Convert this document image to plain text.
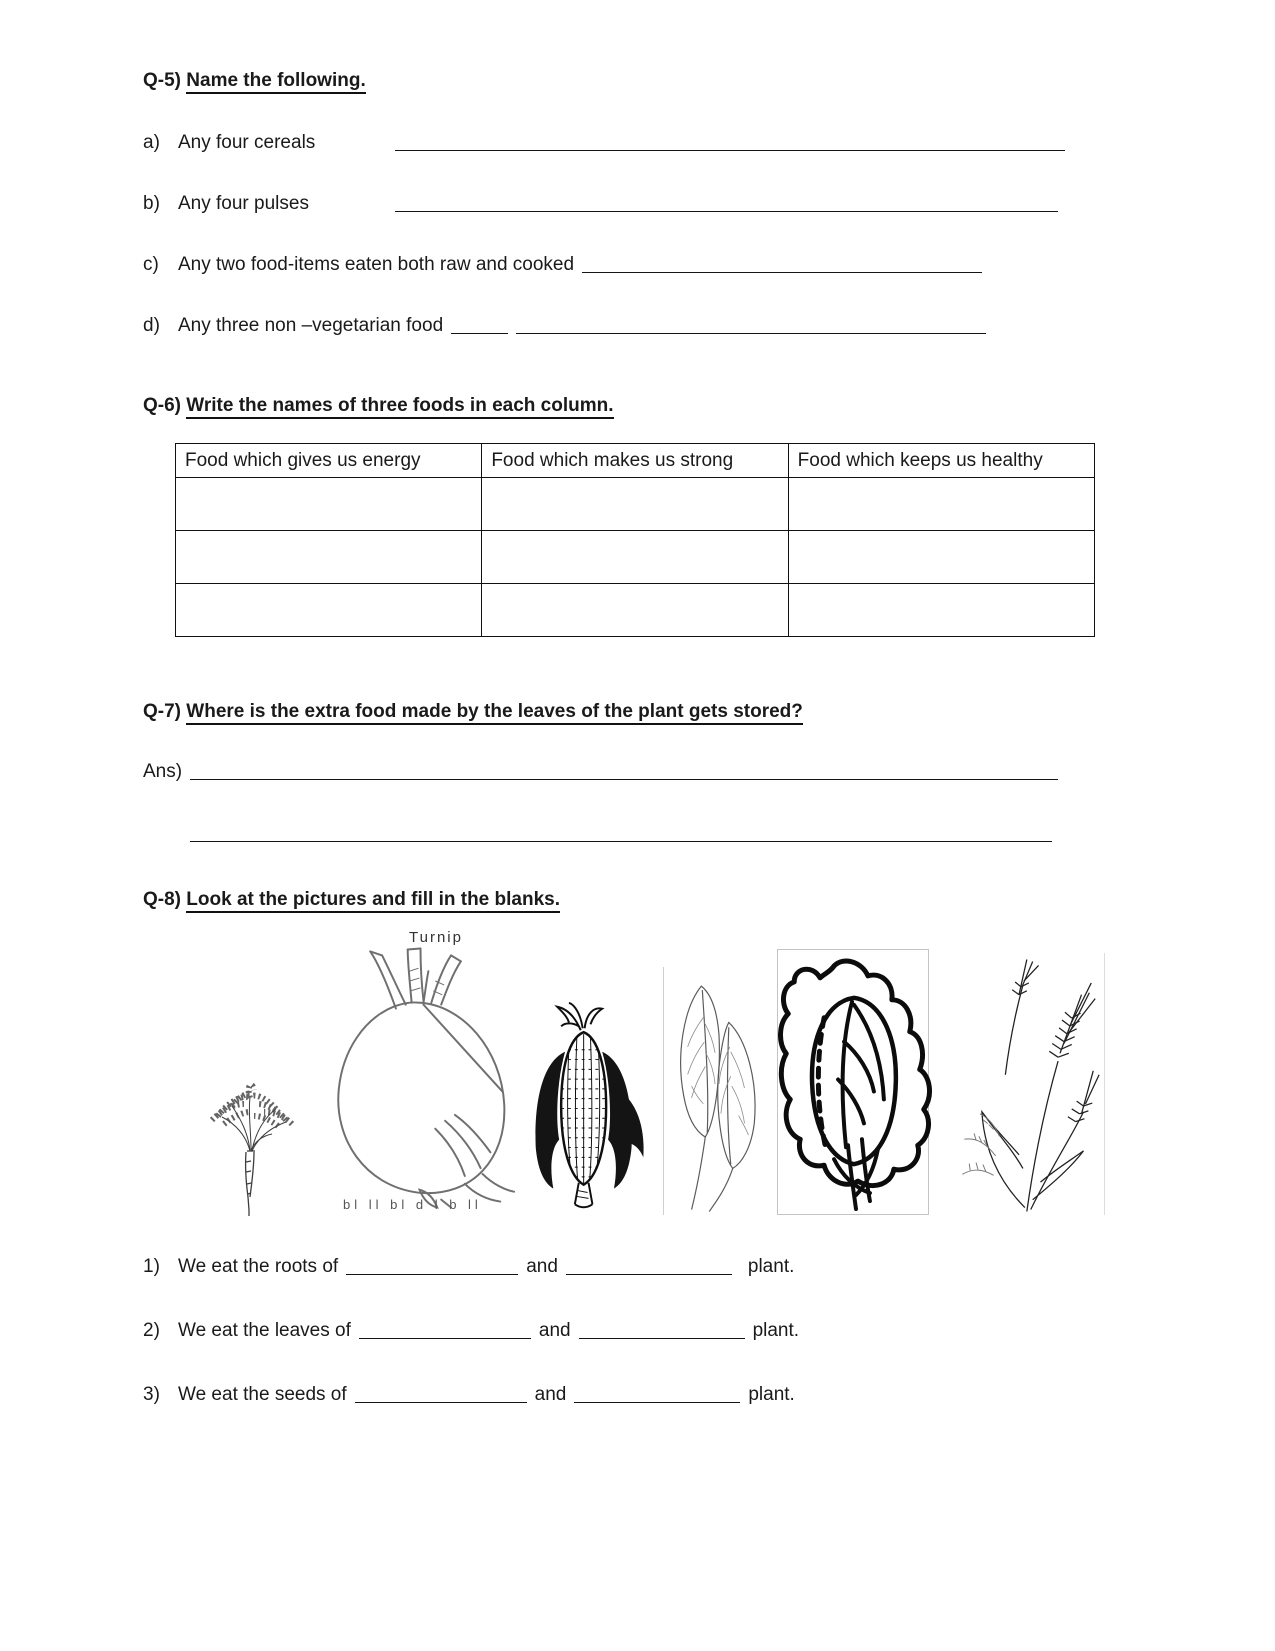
Q-5) Name the following.
a) Any four cereals
b) Any four pulses
c) Any two food-items eaten both raw and cooked
d) Any three non –vegetarian food
Q-6) Write the names of three foods in each column.
Food which gives us energy	Food which makes us strong	Food which keeps us healthy

Q-7) Where is the extra food made by the leaves of the plant gets stored?
Ans)
Q-8) Look at the pictures and fill in the blanks.
Turnip
bl ll bl d l b ll
1) We eat the roots of	and	plant.
2) We eat the leaves of	and	plant.
3) We eat the seeds of	and	plant.
